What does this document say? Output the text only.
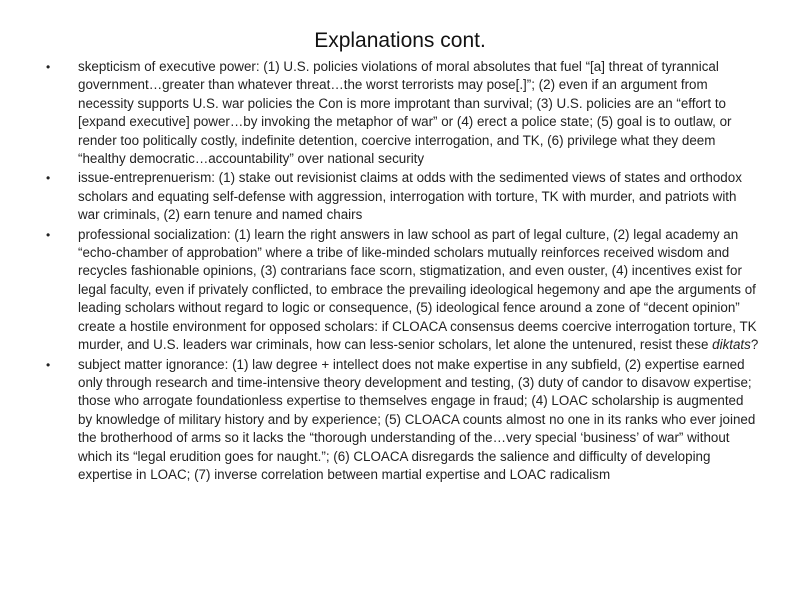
Explanations cont.
• skepticism of executive power: (1) U.S. policies violations of moral absolutes that fuel “[a] threat of tyrannical government…greater than whatever threat…the worst terrorists may pose[.]”; (2) even if an argument from necessity supports U.S. war policies the Con is more improtant than survival; (3) U.S. policies are an “effort to [expand executive] power…by invoking the metaphor of war” or (4) erect a police state; (5) goal is to outlaw, or render too politically costly, indefinite detention, coercive interrogation, and TK, (6) privilege what they deem “healthy democratic…accountability” over national security
• issue-entreprenuerism: (1) stake out revisionist claims at odds with the sedimented views of states and orthodox scholars and equating self-defense with aggression, interrogation with torture, TK with murder, and patriots with war criminals, (2) earn tenure and named chairs
• professional socialization: (1) learn the right answers in law school as part of legal culture, (2) legal academy an “echo-chamber of approbation” where a tribe of like-minded scholars mutually reinforces received wisdom and recycles fashionable opinions, (3) contrarians face scorn, stigmatization, and even ouster, (4) incentives exist for legal faculty, even if privately conflicted, to embrace the prevailing ideological hegemony and ape the arguments of leading scholars without regard to logic or consequence, (5) ideological fence around a zone of “decent opinion” create a hostile environment for opposed scholars: if CLOACA consensus deems coercive interrogation torture, TK murder, and U.S. leaders war criminals, how can less-senior scholars, let alone the untenured, resist these diktats?
• subject matter ignorance: (1) law degree + intellect does not make expertise in any subfield, (2) expertise earned only through research and time-intensive theory development and testing, (3) duty of candor to disavow expertise; those who arrogate foundationless expertise to themselves engage in fraud; (4) LOAC scholarship is augmented by knowledge of military history and by experience; (5) CLOACA counts almost no one in its ranks who ever joined the brotherhood of arms so it lacks the “thorough understanding of the…very special ‘business’ of war” without which its “legal erudition goes for naught.”; (6) CLOACA disregards the salience and difficulty of developing expertise in LOAC; (7) inverse correlation between martial expertise and LOAC radicalism
